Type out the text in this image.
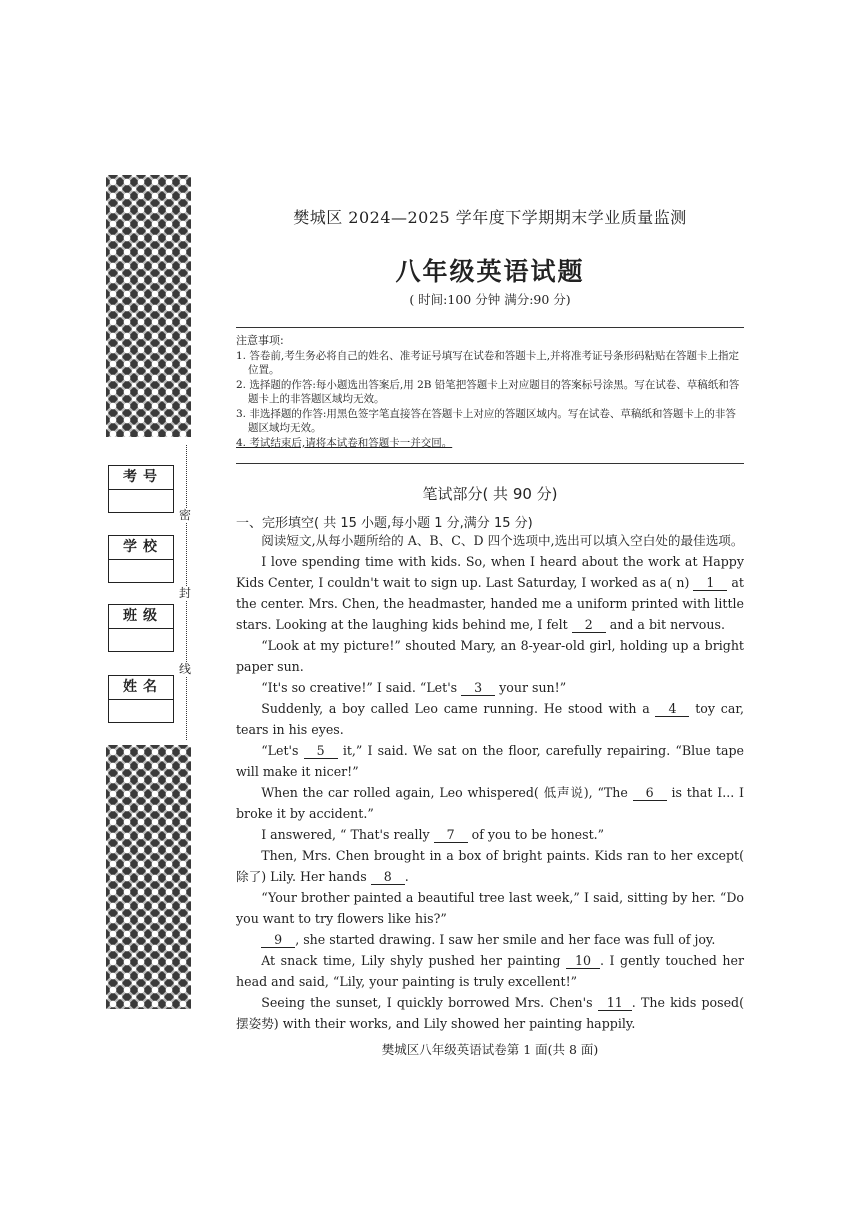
考号
学校
班级
姓名
密
封
线
樊城区 2024—2025 学年度下学期期末学业质量监测
八年级英语试题
( 时间:100 分钟 满分:90 分)
注意事项:
1. 答卷前,考生务必将自己的姓名、准考证号填写在试卷和答题卡上,并将准考证号条形码粘贴在答题卡上指定位置。
2. 选择题的作答:每小题选出答案后,用 2B 铅笔把答题卡上对应题目的答案标号涂黑。写在试卷、草稿纸和答题卡上的非答题区域均无效。
3. 非选择题的作答:用黑色签字笔直接答在答题卡上对应的答题区域内。写在试卷、草稿纸和答题卡上的非答题区域均无效。
4. 考试结束后,请将本试卷和答题卡一并交回。
笔试部分( 共 90 分)
一、完形填空( 共 15 小题,每小题 1 分,满分 15 分)

阅读短文,从每小题所给的 A、B、C、D 四个选项中,选出可以填入空白处的最佳选项。

I love spending time with kids. So, when I heard about the work at Happy Kids Center, I couldn't wait to sign up. Last Saturday, I worked as a( n) 1 at the center. Mrs. Chen, the headmaster, handed me a uniform printed with little stars. Looking at the laughing kids behind me, I felt 2 and a bit nervous.

“Look at my picture!” shouted Mary, an 8-year-old girl, holding up a bright paper sun.

“It's so creative!” I said. “Let's 3 your sun!”

Suddenly, a boy called Leo came running. He stood with a 4 toy car, tears in his eyes.

“Let's 5 it,” I said. We sat on the floor, carefully repairing. “Blue tape will make it nicer!”

When the car rolled again, Leo whispered( 低声说), “The 6 is that I... I broke it by accident.”

I answered, “ That's really 7 of you to be honest.”

Then, Mrs. Chen brought in a box of bright paints. Kids ran to her except( 除了) Lily. Her hands 8 .

“Your brother painted a beautiful tree last week,” I said, sitting by her. “Do you want to try flowers like his?”

9 , she started drawing. I saw her smile and her face was full of joy.

At snack time, Lily shyly pushed her painting 10 . I gently touched her head and said, “Lily, your painting is truly excellent!”

Seeing the sunset, I quickly borrowed Mrs. Chen's 11 . The kids posed( 摆姿势) with their works, and Lily showed her painting happily.

樊城区八年级英语试卷第 1 面(共 8 面)
